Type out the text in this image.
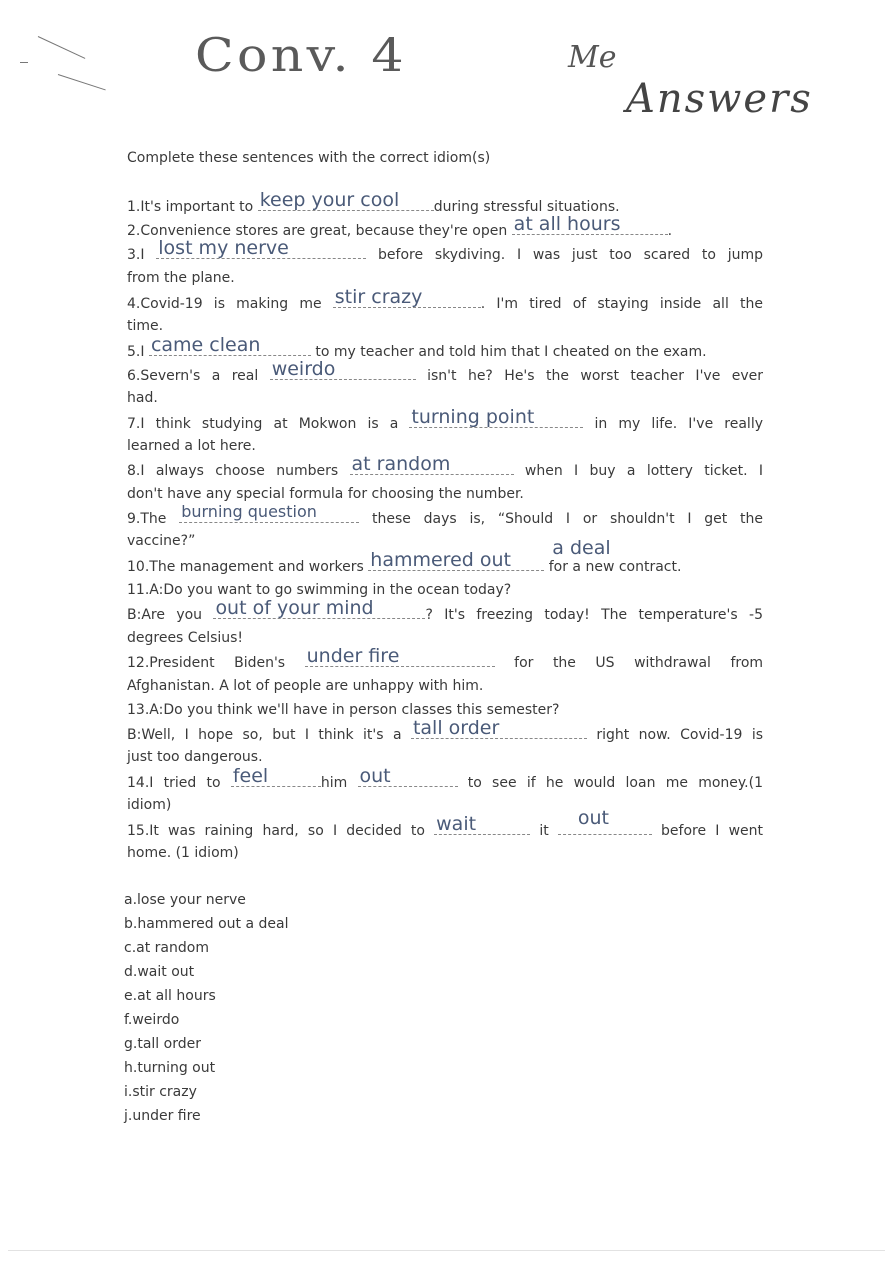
Conv. 4	Me
Answers
Complete these sentences with the correct idiom(s)
1.It's important to keep your cool during stressful situations.
2.Convenience stores are great, because they're open at all hours	.
3.I lost my nerve	before skydiving. I was just too scared to jump
from the plane.
4.Covid-19 is making me stir crazy	. I'm tired of staying inside all the
time.
5.I came clean	to my teacher and told him that I cheated on the exam.
6.Severn's a real weirdo	isn't he? He's the worst teacher I've ever
had.
7.I think studying at Mokwon is a turning point	in my life. I've really
learned a lot here.
8.I always choose numbers at random	when I buy a lottery ticket. I
don't have any special formula for choosing the number.
9.The burning question	these days is, “Should I or shouldn't I get the
vaccine?”
10.The management and workers hammered out
a deal
for a new contract.
11.A:Do you want to go swimming in the ocean today?
B:Are you out of your mind	? It's freezing today! The temperature's -5
degrees Celsius!
12.President Biden's under fire	for the US withdrawal from
Afghanistan. A lot of people are unhappy with him.
13.A:Do you think we'll have in person classes this semester?
B:Well, I hope so, but I think it's a tall order	right now. Covid-19 is
just too dangerous.
14.I tried to feel	him out	to see if he would loan me money.(1
idiom)
15.It was raining hard, so I decided to wait	it
out
before I went
home. (1 idiom)
a.lose your nerve
b.hammered out a deal
c.at random
d.wait out
e.at all hours
f.weirdo
g.tall order
h.turning out
i.stir crazy
j.under fire
